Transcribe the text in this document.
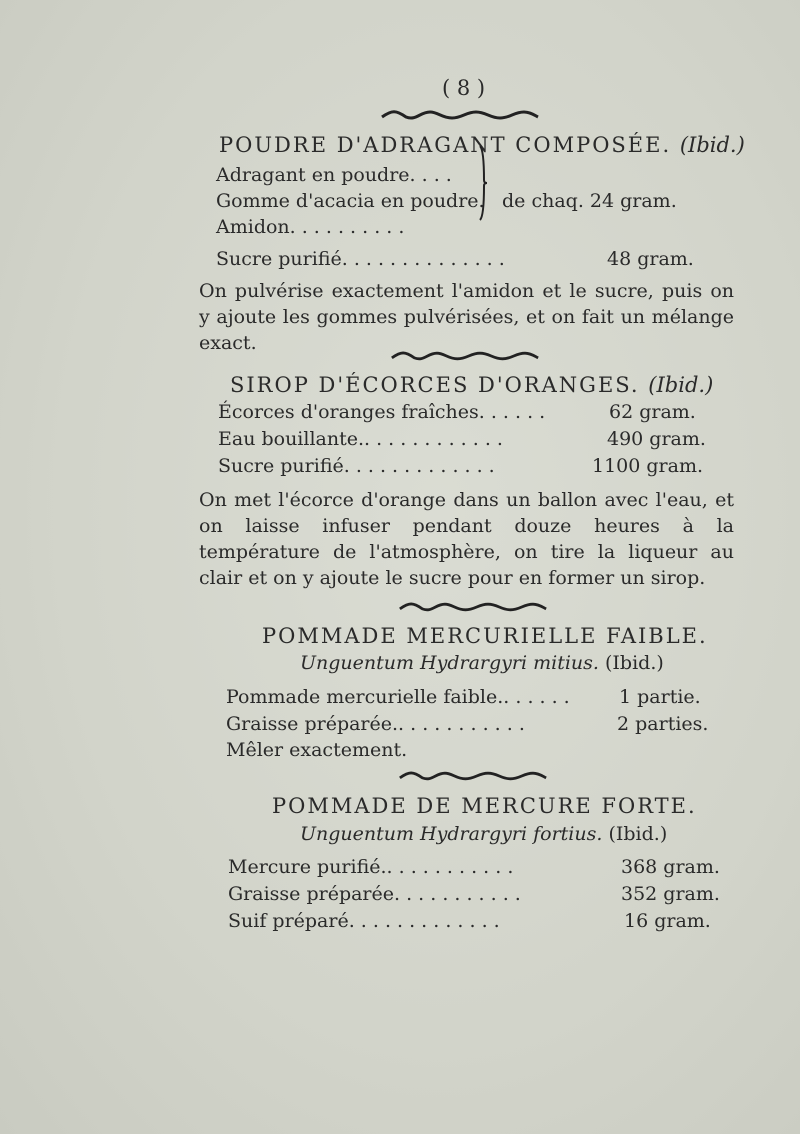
( 8 )
POUDRE D'ADRAGANT COMPOSÉE. (Ibid.)
Adragant en poudre. . . .
Gomme d'acacia en poudre.
Amidon. . . . . . . . . .
de chaq. 24 gram.
Sucre purifié. . . . . . . . . . . . . .	48 gram.
On pulvérise exactement l'amidon et le sucre, puis on y ajoute les gommes pulvérisées, et on fait un mélange exact.
SIROP D'ÉCORCES D'ORANGES. (Ibid.)
Écorces d'oranges fraîches. . . . . .	62 gram.
Eau bouillante.. . . . . . . . . . . .	490 gram.
Sucre purifié. . . . . . . . . . . . .	1100 gram.
On met l'écorce d'orange dans un ballon avec l'eau, et on laisse infuser pendant douze heures à la température de l'atmosphère, on tire la liqueur au clair et on y ajoute le sucre pour en former un sirop.
POMMADE MERCURIELLE FAIBLE.
Unguentum Hydrargyri mitius. (Ibid.)
Pommade mercurielle faible.. . . . . .	1 partie.
Graisse préparée.. . . . . . . . . . .	2 parties.
Mêler exactement.
POMMADE DE MERCURE FORTE.
Unguentum Hydrargyri fortius. (Ibid.)
Mercure purifié.. . . . . . . . . . .	368 gram.
Graisse préparée. . . . . . . . . . .	352 gram.
Suif préparé. . . . . . . . . . . . .	16 gram.
